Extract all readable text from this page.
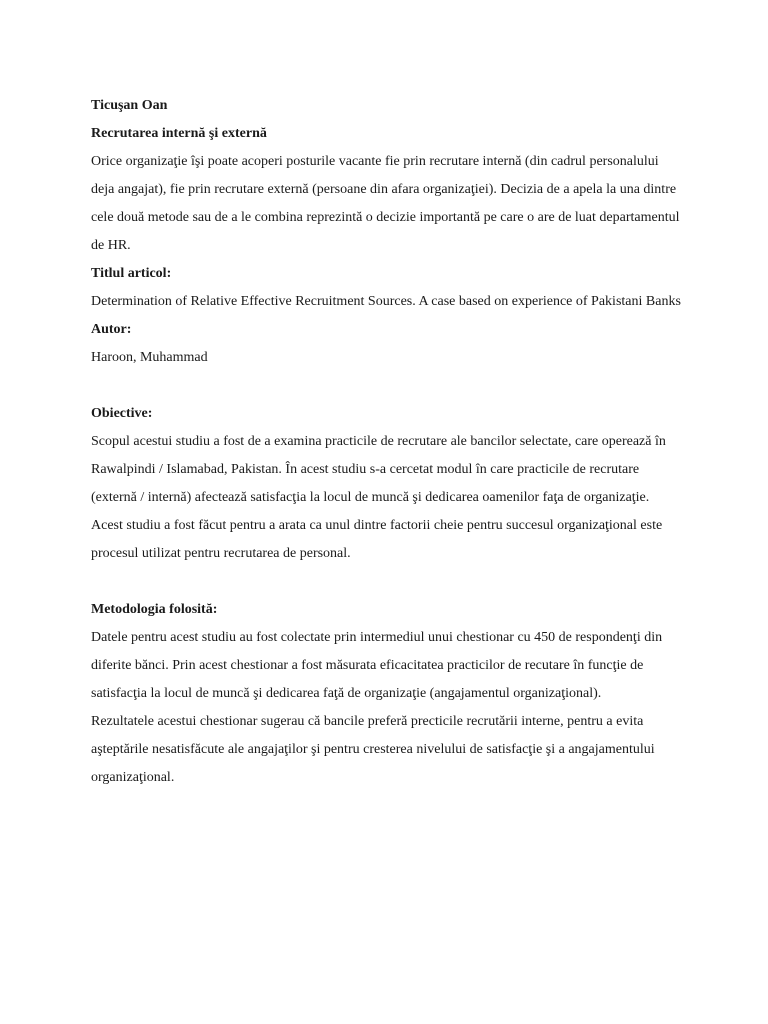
Ticuşan Oan

Recrutarea internă şi externă

Orice organizaţie îşi poate acoperi posturile vacante fie prin recrutare internă (din cadrul personalului deja angajat), fie prin recrutare externă (persoane din afara organizaţiei). Decizia de a apela la una dintre cele două metode sau de a le combina reprezintă o decizie importantă pe care o are de luat departamentul de HR.

Titlul articol:

Determination of Relative Effective Recruitment Sources. A case based on experience of Pakistani Banks

Autor:

Haroon, Muhammad

Obiective:

Scopul acestui studiu a fost de a examina practicile de recrutare ale bancilor selectate, care operează în Rawalpindi / Islamabad, Pakistan. În acest studiu s-a cercetat modul în care practicile de recrutare (externă / internă) afectează satisfacţia la locul de muncă şi dedicarea oamenilor faţa de organizaţie. Acest studiu a fost făcut pentru a arata ca unul dintre factorii cheie pentru succesul organizaţional este procesul utilizat pentru recrutarea de personal.

Metodologia folosită:

Datele pentru acest studiu au fost colectate prin intermediul unui chestionar cu 450 de respondenţi din diferite bănci. Prin acest chestionar a fost măsurata eficacitatea practicilor de recutare în funcţie de satisfacţia la locul de muncă şi dedicarea faţă de organizaţie (angajamentul organizaţional).

Rezultatele acestui chestionar sugerau că bancile preferă precticile recrutării interne, pentru a evita aşteptările nesatisfăcute ale angajaţilor şi pentru cresterea nivelului de satisfacţie şi a angajamentului organizaţional.
